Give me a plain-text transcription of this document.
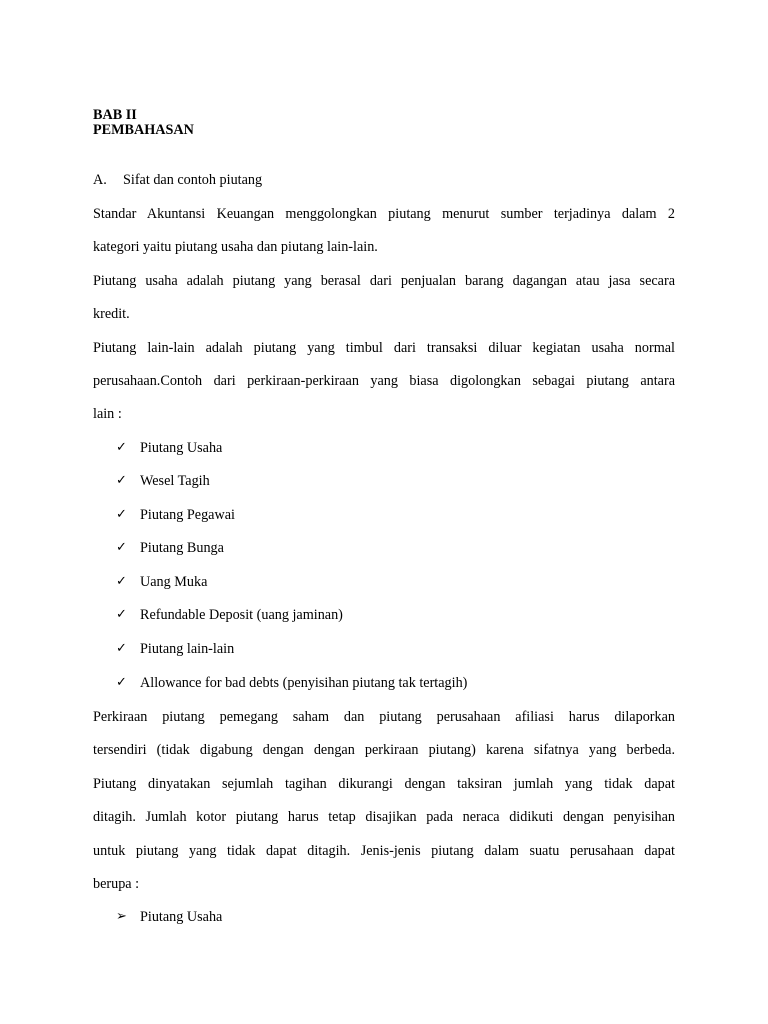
BAB II
PEMBAHASAN
A. Sifat dan contoh piutang
Standar Akuntansi Keuangan menggolongkan piutang menurut sumber terjadinya dalam 2
kategori yaitu piutang usaha dan piutang lain-lain.
Piutang usaha adalah piutang yang berasal dari penjualan barang dagangan atau jasa secara
kredit.
Piutang lain-lain adalah piutang yang timbul dari transaksi diluar kegiatan usaha normal
perusahaan.Contoh dari perkiraan-perkiraan yang biasa digolongkan sebagai piutang antara
lain :
✓ Piutang Usaha
✓ Wesel Tagih
✓ Piutang Pegawai
✓ Piutang Bunga
✓ Uang Muka
✓ Refundable Deposit (uang jaminan)
✓ Piutang lain-lain
✓ Allowance for bad debts (penyisihan piutang tak tertagih)
Perkiraan piutang pemegang saham dan piutang perusahaan afiliasi harus dilaporkan
tersendiri (tidak digabung dengan dengan perkiraan piutang) karena sifatnya yang berbeda.
Piutang dinyatakan sejumlah tagihan dikurangi dengan taksiran jumlah yang tidak dapat
ditagih. Jumlah kotor piutang harus tetap disajikan pada neraca didikuti dengan penyisihan
untuk piutang yang tidak dapat ditagih. Jenis-jenis piutang dalam suatu perusahaan dapat
berupa :
➢ Piutang Usaha
